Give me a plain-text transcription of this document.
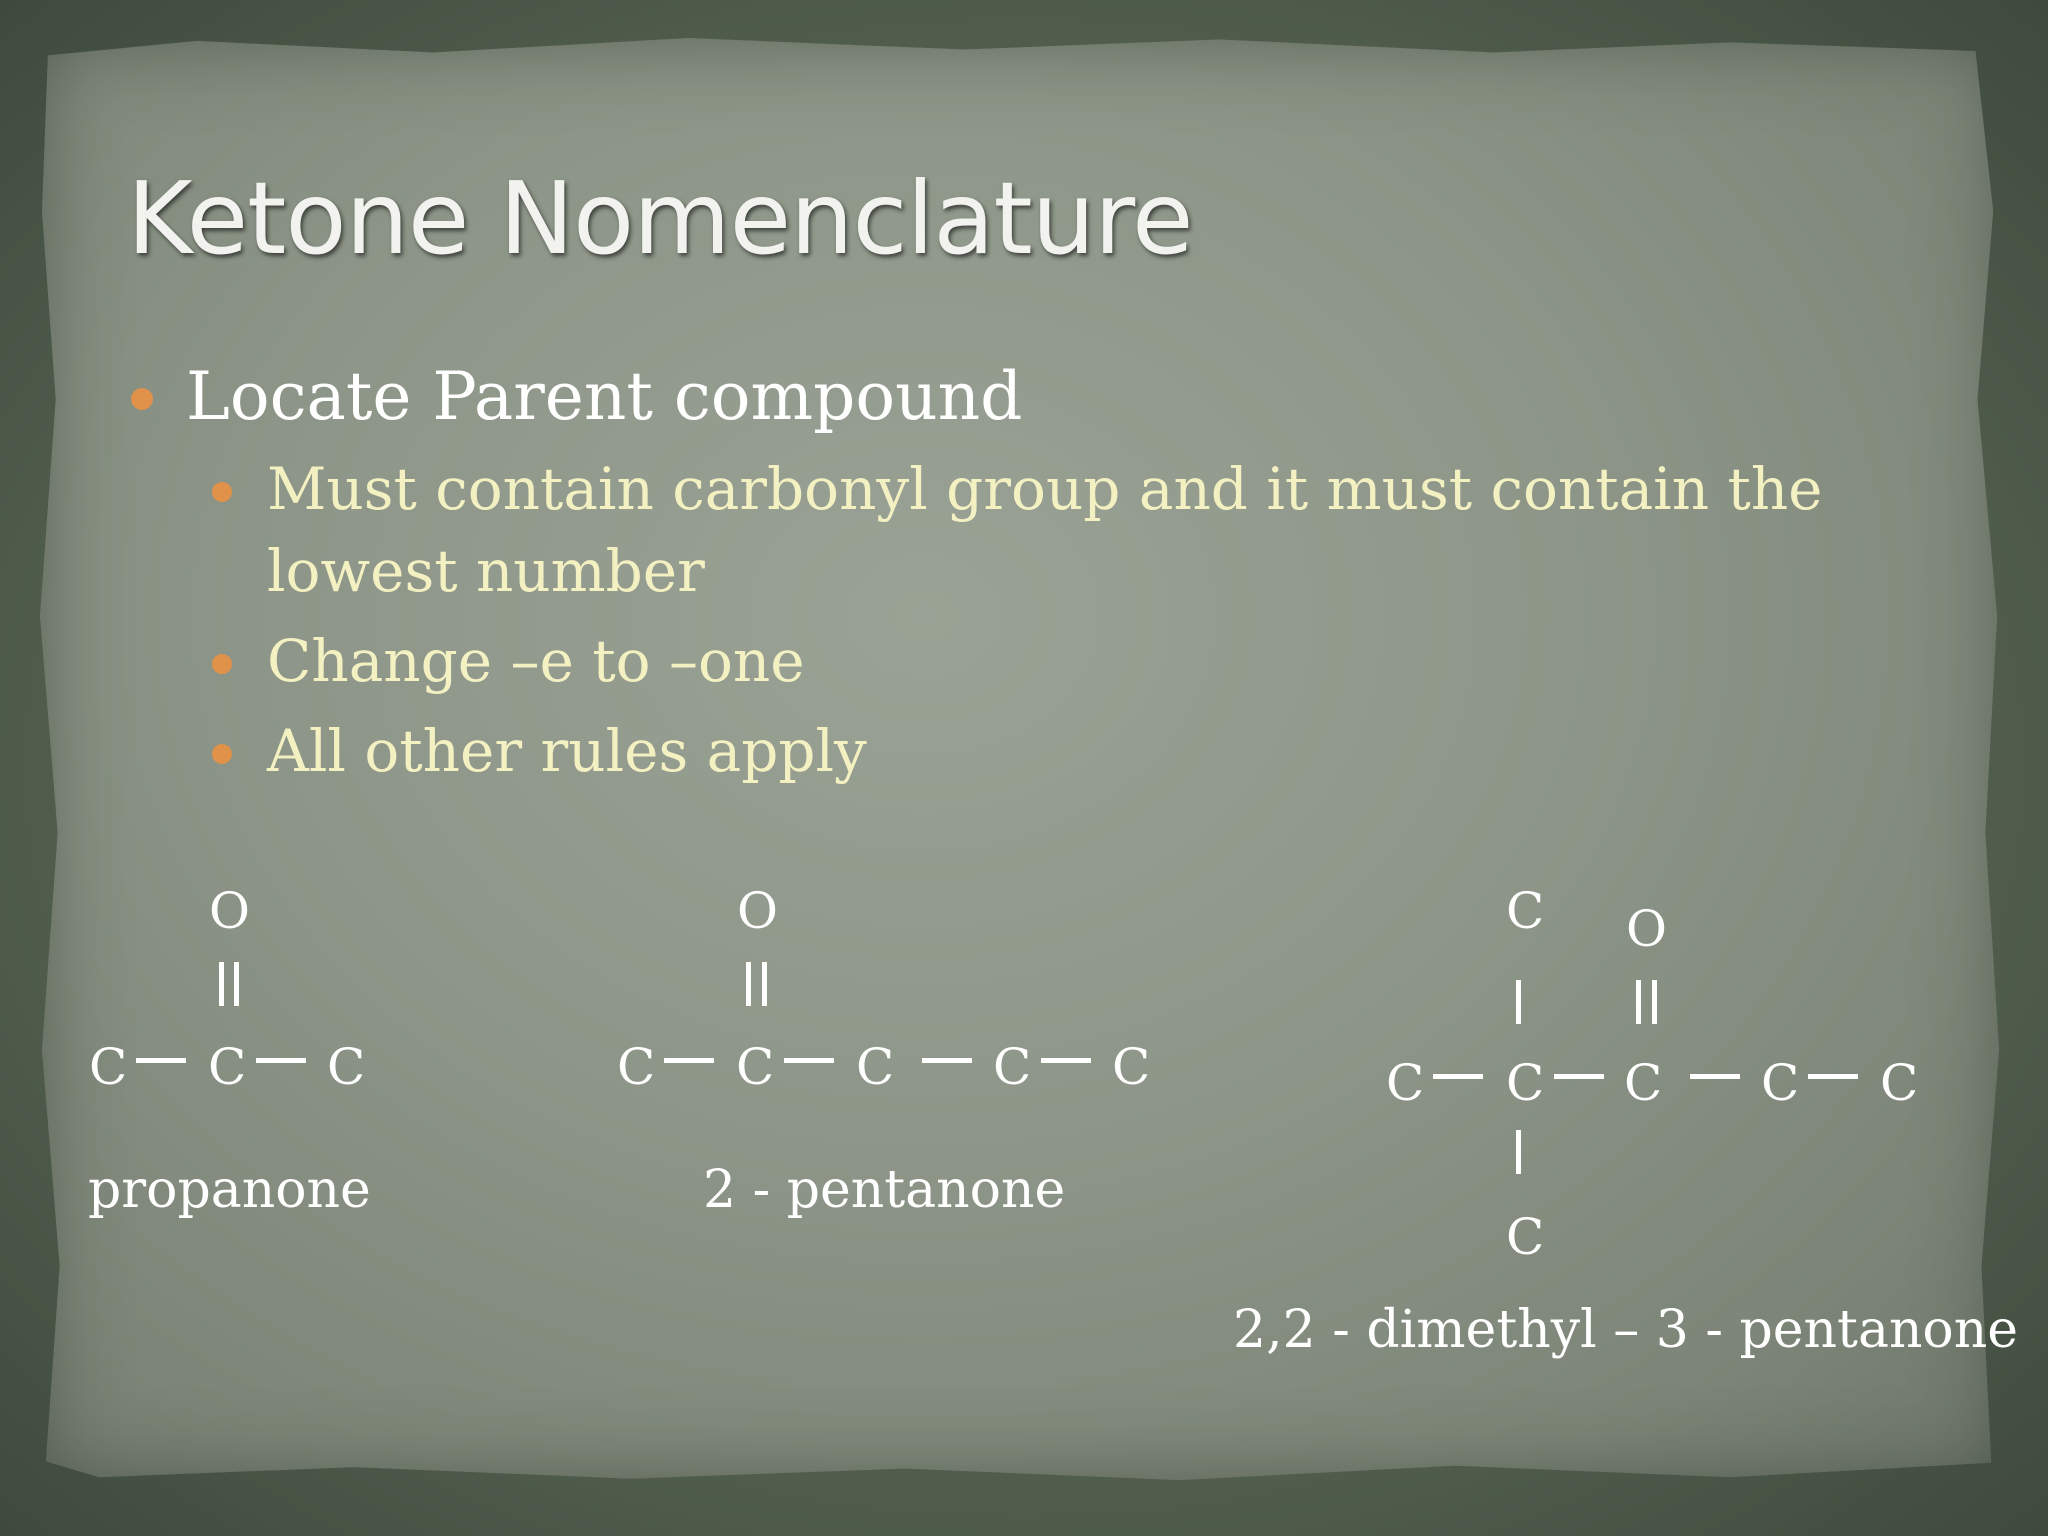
Ketone Nomenclature
Locate Parent compound
Must contain carbonyl group and it must contain the
lowest number
Change –e to –one
All other rules apply
O
C C C
propanone
O
C C C C C
2 - pentanone
C O
C C C C C
C
2,2 - dimethyl – 3 - pentanone
